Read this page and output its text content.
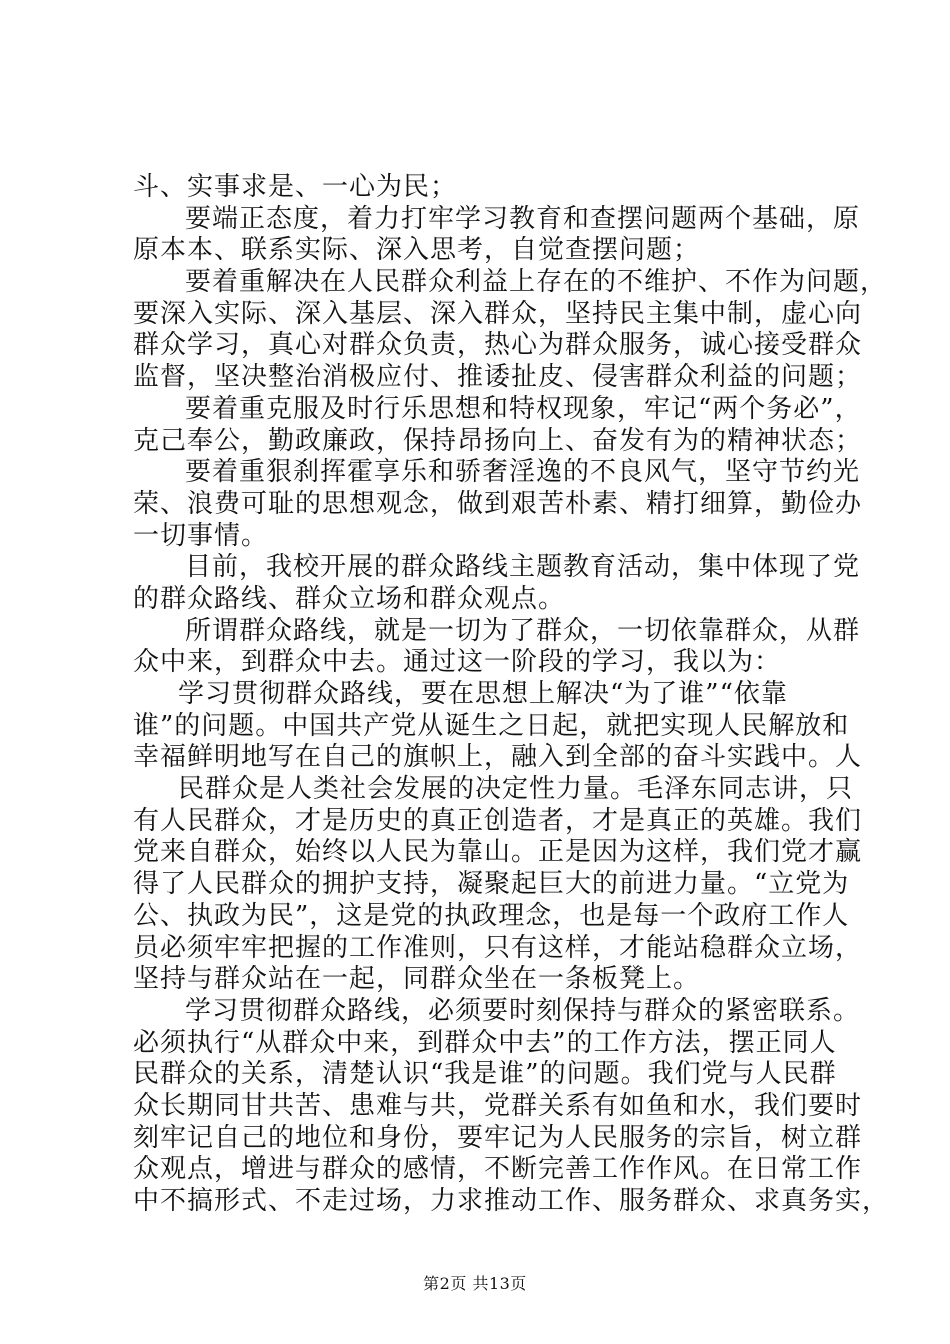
斗、实事求是、一心为民；
要端正态度，着力打牢学习教育和查摆问题两个基础，原
原本本、联系实际、深入思考，自觉查摆问题；
要着重解决在人民群众利益上存在的不维护、不作为问题，
要深入实际、深入基层、深入群众，坚持民主集中制，虚心向
群众学习，真心对群众负责，热心为群众服务，诚心接受群众
监督，坚决整治消极应付、推诿扯皮、侵害群众利益的问题；
要着重克服及时行乐思想和特权现象，牢记“两个务必”，
克己奉公，勤政廉政，保持昂扬向上、奋发有为的精神状态；
要着重狠刹挥霍享乐和骄奢淫逸的不良风气，坚守节约光
荣、浪费可耻的思想观念，做到艰苦朴素、精打细算，勤俭办
一切事情。
目前，我校开展的群众路线主题教育活动，集中体现了党
的群众路线、群众立场和群众观点。
所谓群众路线，就是一切为了群众，一切依靠群众，从群
众中来，到群众中去。通过这一阶段的学习，我以为：
学习贯彻群众路线，要在思想上解决“为了谁”“依靠
谁”的问题。中国共产党从诞生之日起，就把实现人民解放和
幸福鲜明地写在自己的旗帜上，融入到全部的奋斗实践中。人
民群众是人类社会发展的决定性力量。毛泽东同志讲，只
有人民群众，才是历史的真正创造者，才是真正的英雄。我们
党来自群众，始终以人民为靠山。正是因为这样，我们党才赢
得了人民群众的拥护支持，凝聚起巨大的前进力量。“立党为
公、执政为民”，这是党的执政理念，也是每一个政府工作人
员必须牢牢把握的工作准则，只有这样，才能站稳群众立场，
坚持与群众站在一起，同群众坐在一条板凳上。
学习贯彻群众路线，必须要时刻保持与群众的紧密联系。
必须执行“从群众中来，到群众中去”的工作方法，摆正同人
民群众的关系，清楚认识“我是谁”的问题。我们党与人民群
众长期同甘共苦、患难与共，党群关系有如鱼和水，我们要时
刻牢记自己的地位和身份，要牢记为人民服务的宗旨，树立群
众观点，增进与群众的感情，不断完善工作作风。在日常工作
中不搞形式、不走过场，力求推动工作、服务群众、求真务实，
第2页 共13页
